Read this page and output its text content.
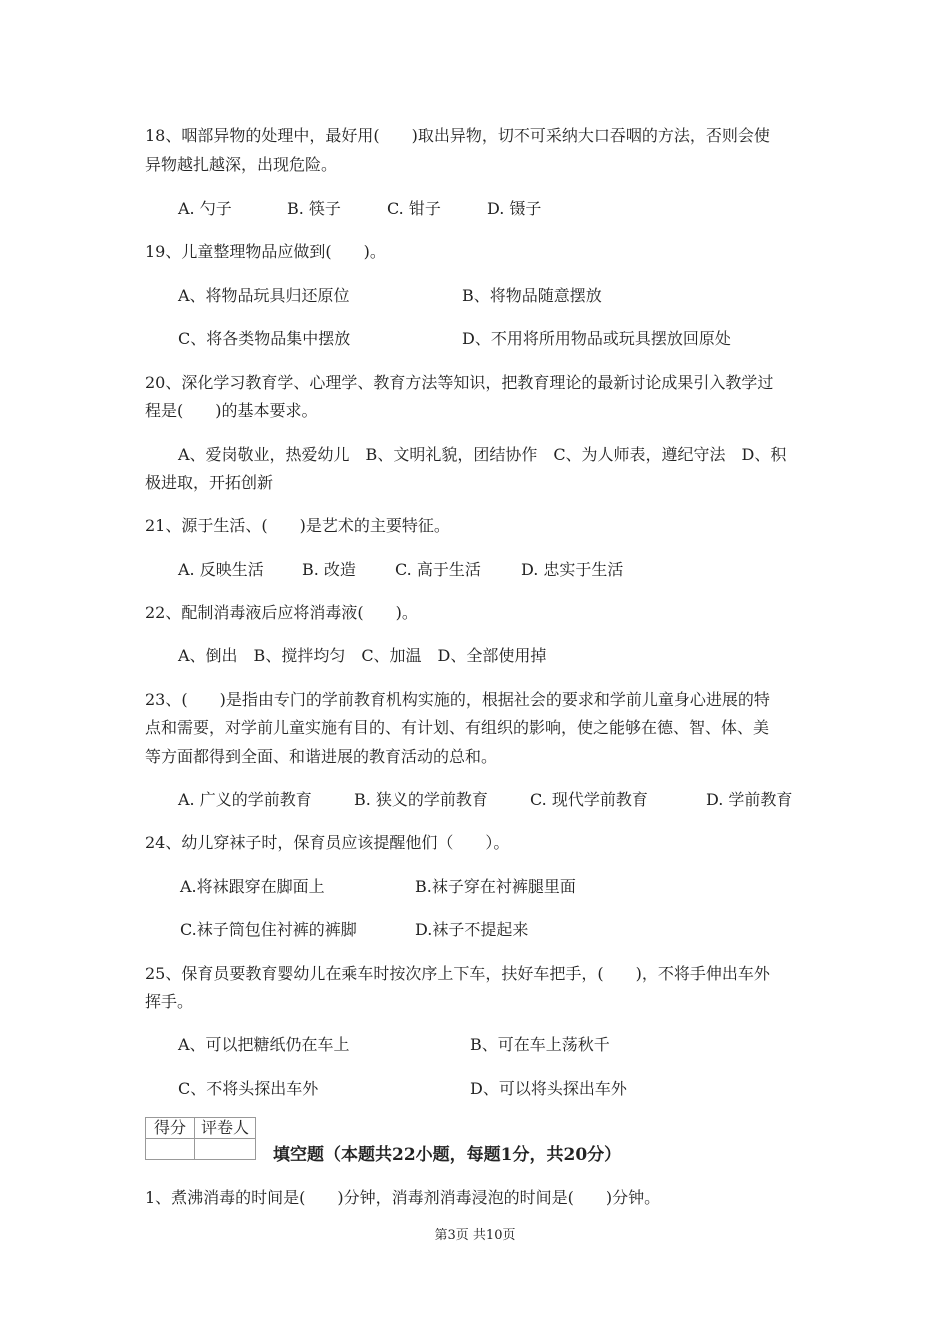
18、咽部异物的处理中，最好用(　　)取出异物，切不可采纳大口吞咽的方法，否则会使
异物越扎越深，出现危险。
A. 勺子	B. 筷子	C. 钳子	D. 镊子
19、儿童整理物品应做到(　　)。
A、将物品玩具归还原位	B、将物品随意摆放
C、将各类物品集中摆放	D、不用将所用物品或玩具摆放回原处
20、深化学习教育学、心理学、教育方法等知识，把教育理论的最新讨论成果引入教学过
程是(　　)的基本要求。
A、爱岗敬业，热爱幼儿　B、文明礼貌，团结协作　C、为人师表，遵纪守法　D、积
极进取，开拓创新
21、源于生活、(　　)是艺术的主要特征。
A. 反映生活 B. 改造 C. 高于生活	D. 忠实于生活
22、配制消毒液后应将消毒液(　　)。
A、倒出　B、搅拌均匀　C、加温　D、全部使用掉
23、(　　)是指由专门的学前教育机构实施的，根据社会的要求和学前儿童身心进展的特
点和需要，对学前儿童实施有目的、有计划、有组织的影响，使之能够在德、智、体、美
等方面都得到全面、和谐进展的教育活动的总和。
A. 广义的学前教育	B. 狭义的学前教育	C. 现代学前教育	D. 学前教育
24、幼儿穿袜子时，保育员应该提醒他们（　　）。
A.将袜跟穿在脚面上	B.袜子穿在衬裤腿里面
C.袜子筒包住衬裤的裤脚	D.袜子不提起来
25、保育员要教育婴幼儿在乘车时按次序上下车，扶好车把手，(　　)，不将手伸出车外
挥手。
A、可以把糖纸仍在车上	B、可在车上荡秋千
C、不将头探出车外	D、可以将头探出车外
得分	评卷人

填空题（本题共22小题，每题1分，共20分）
1、煮沸消毒的时间是(　　)分钟，消毒剂消毒浸泡的时间是(　　)分钟。
第3页 共10页
